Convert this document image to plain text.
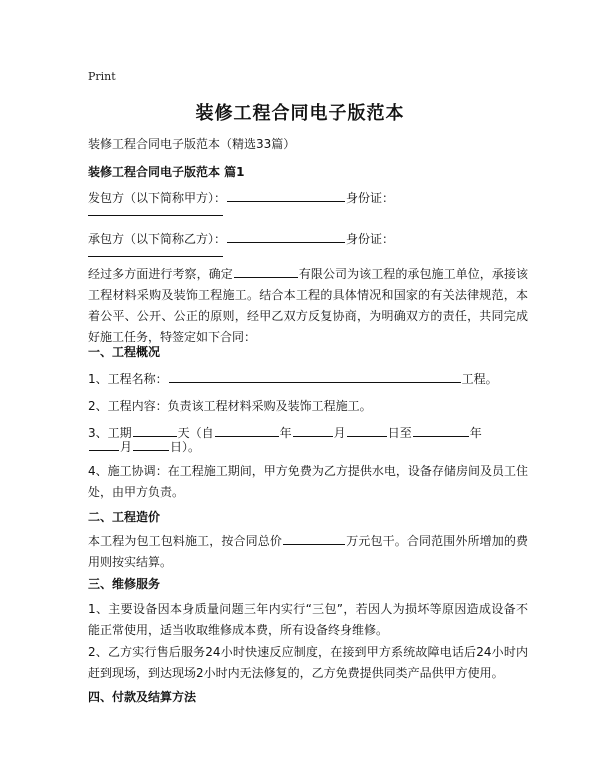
Print
装修工程合同电子版范本
装修工程合同电子版范本（精选33篇）
装修工程合同电子版范本 篇1
发包方（以下简称甲方）：	身份证：
承包方（以下简称乙方）：	身份证：
经过多方面进行考察，确定	有限公司为该工程的承包施工单位，承接该工程材料采购及装饰工程施工。结合本工程的具体情况和国家的有关法律规范，本着公平、公开、公正的原则，经甲乙双方反复协商，为明确双方的责任，共同完成好施工任务，特签定如下合同：
一、工程概况
1、工程名称：	工程。
2、工程内容：负责该工程材料采购及装饰工程施工。
3、工期	天（自	年	月	日至	年
月	日）。
4、施工协调：在工程施工期间，甲方免费为乙方提供水电，设备存储房间及员工住处，由甲方负责。
二、工程造价
本工程为包工包料施工，按合同总价	万元包干。合同范围外所增加的费用则按实结算。
三、维修服务
1、主要设备因本身质量问题三年内实行“三包”，若因人为损坏等原因造成设备不能正常使用，适当收取维修成本费，所有设备终身维修。
2、乙方实行售后服务24小时快速反应制度，在接到甲方系统故障电话后24小时内赶到现场，到达现场2小时内无法修复的，乙方免费提供同类产品供甲方使用。
四、付款及结算方法
